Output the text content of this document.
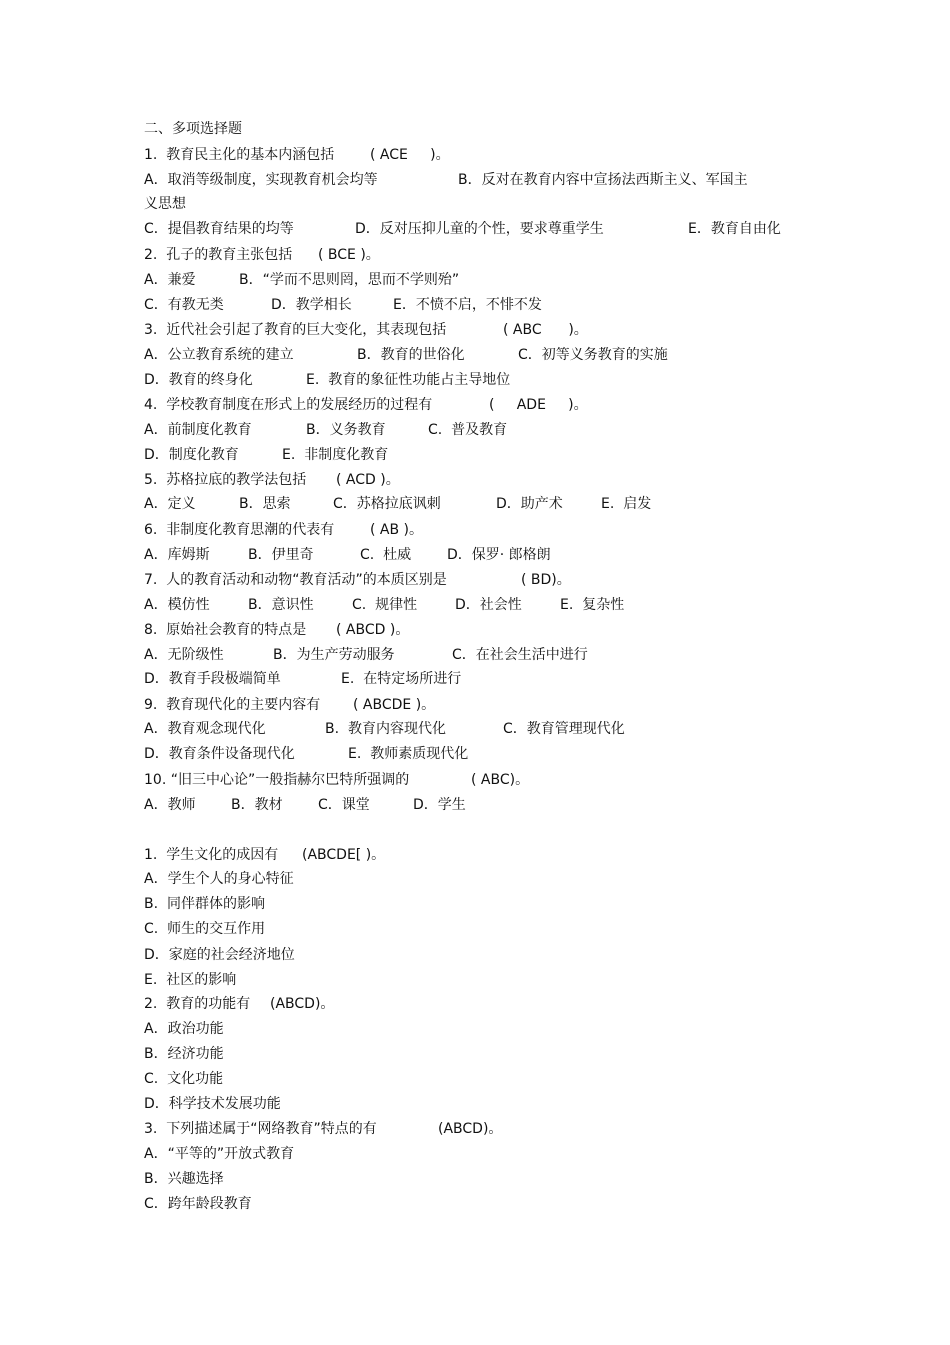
二、多项选择题

1.  教育民主化的基本内涵包括

	( ACE     )。

A．取消等级制度，实现教育机会均等

	B．反对在教育内容中宣扬法西斯主义、军国主

义思想

C．提倡教育结果的均等

	D．反对压抑儿童的个性，要求尊重学生

	E．教育自由化

2.  孔子的教育主张包括

( BCE )。

A．兼爱

	B．“学而不思则罔，思而不学则殆”

C．有教无类

	D．教学相长

	E．不愤不启，不悱不发

3.  近代社会引起了教育的巨大变化，其表现包括

	( ABC      )。

A．公立教育系统的建立

	B．教育的世俗化

	C．初等义务教育的实施

D．教育的终身化

	E.  教育的象征性功能占主导地位

4.  学校教育制度在形式上的发展经历的过程有

	(     ADE     )。

A．前制度化教育

	B．义务教育

	C.  普及教育

D．制度化教育

	E.  非制度化教育

5.  苏格拉底的教学法包括

( ACD )。

A．定义

	B．思索

	C．苏格拉底讽刺

	D．助产术

	E.  启发

6.  非制度化教育思潮的代表有

	( AB )。

A．库姆斯

	B．伊里奇

	C.  杜威

	D．保罗· 郎格朗

7.  人的教育活动和动物“教育活动”的本质区别是

	( BD)。

A．模仿性

	B．意识性

	C.  规律性

	D．社会性

	E.  复杂性

8.  原始社会教育的特点是

( ABCD )。

A．无阶级性

	B．为生产劳动服务

	C．在社会生活中进行

D．教育手段极端简单

	E.  在特定场所进行

9.  教育现代化的主要内容有

( ABCDE )。

A．教育观念现代化

	B.  教育内容现代化

	C．教育管理现代化

D．教育条件设备现代化

	E.  教师素质现代化

10. “旧三中心论”一般指赫尔巴特所强调的

	( ABC)。

A．教师

	B．教材

	C．课堂

	D．学生

1.  学生文化的成因有

(ABCDE[ )。

A．学生个人的身心特征

B.  同伴群体的影响

C.  师生的交互作用

D．家庭的社会经济地位

E.  社区的影响

2.  教育的功能有

(ABCD)。

A．政治功能

B．经济功能

C.  文化功能

D．科学技术发展功能

3.  下列描述属于“网络教育”特点的有

	(ABCD)。

A．“平等的”开放式教育

B．兴趣选择

C．跨年龄段教育
